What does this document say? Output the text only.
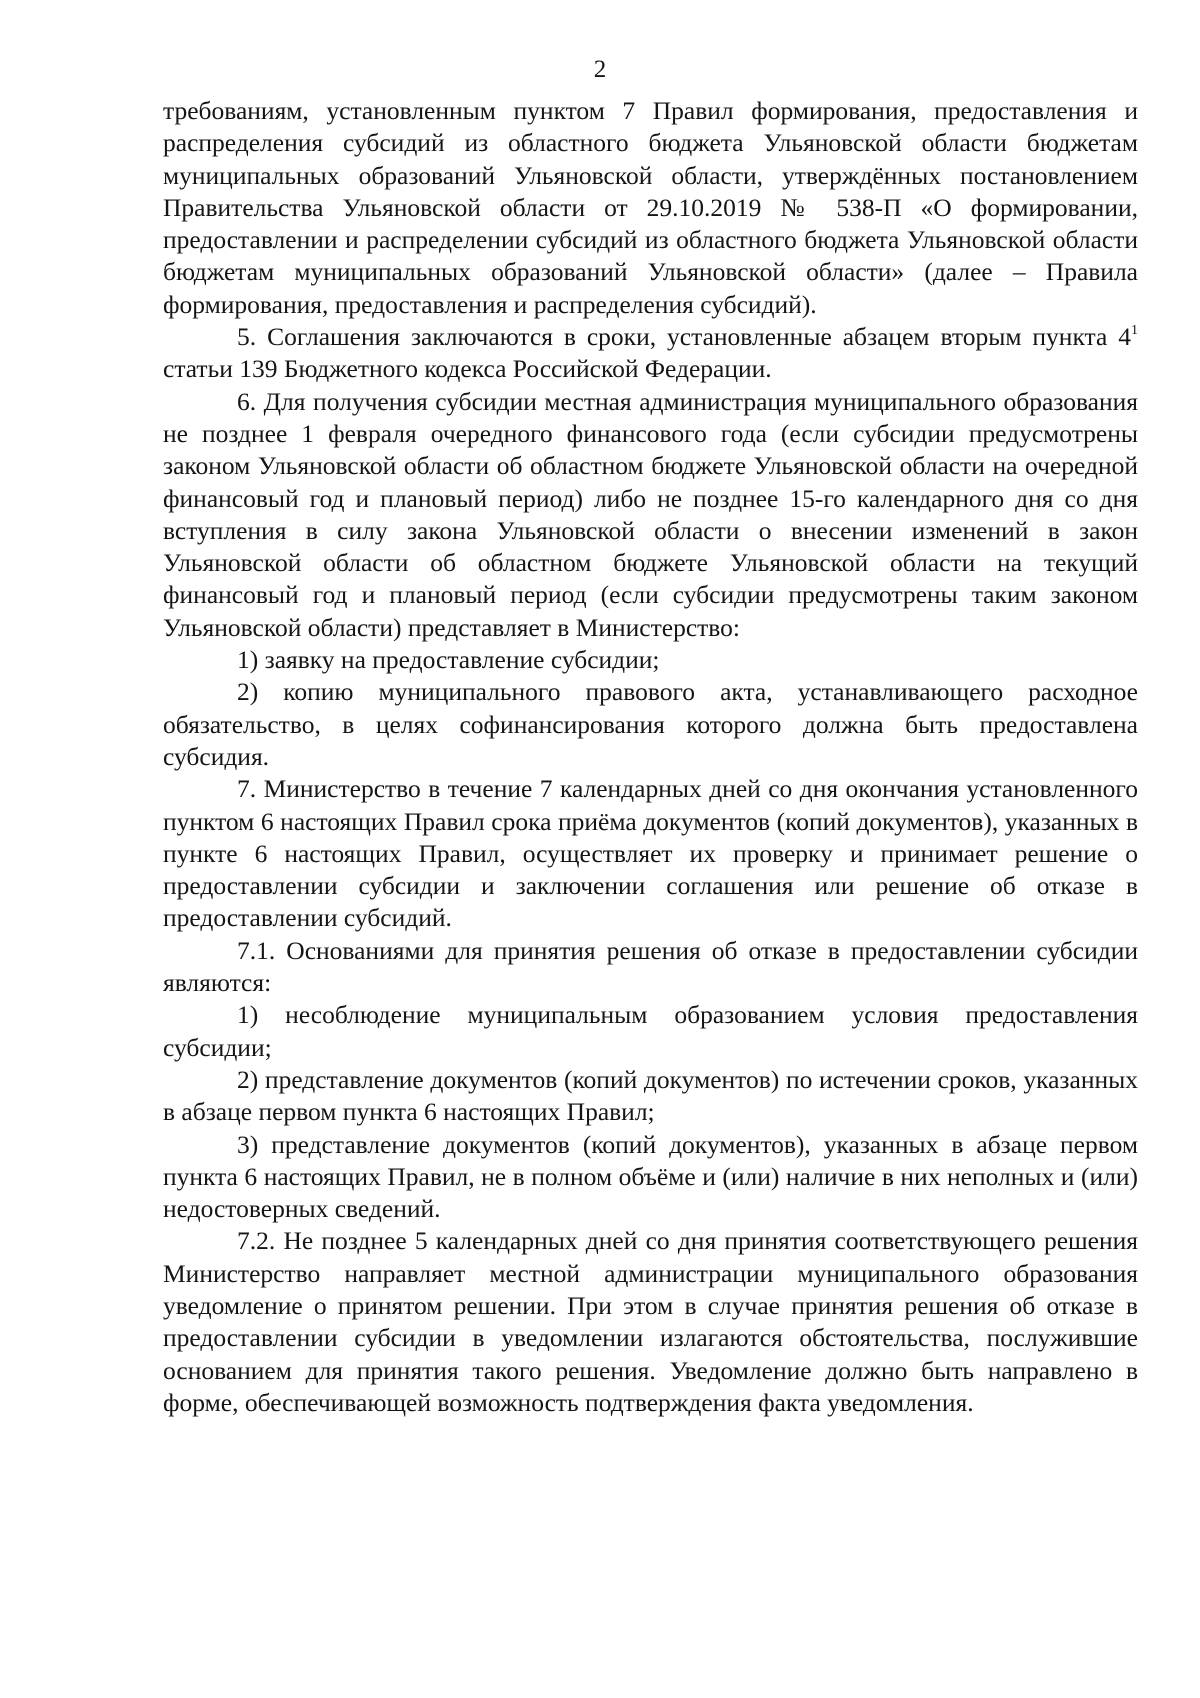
2

требованиям, установленным пунктом 7 Правил формирования, предоставления и распределения субсидий из областного бюджета Ульяновской области бюджетам муниципальных образований Ульяновской области, утверждённых постановлением Правительства Ульяновской области от 29.10.2019 № 538-П «О формировании, предоставлении и распределении субсидий из областного бюджета Ульяновской области бюджетам муниципальных образований Ульяновской области» (далее – Правила формирования, предоставления и распределения субсидий).

5. Соглашения заключаются в сроки, установленные абзацем вторым пункта $4^1$ статьи 139 Бюджетного кодекса Российской Федерации.

6. Для получения субсидии местная администрация муниципального образования не позднее 1 февраля очередного финансового года (если субсидии предусмотрены законом Ульяновской области об областном бюджете Ульяновской области на очередной финансовый год и плановый период) либо не позднее 15-го календарного дня со дня вступления в силу закона Ульяновской области о внесении изменений в закон Ульяновской области об областном бюджете Ульяновской области на текущий финансовый год и плановый период (если субсидии предусмотрены таким законом Ульяновской области) представляет в Министерство:

1) заявку на предоставление субсидии;

2) копию муниципального правового акта, устанавливающего расходное обязательство, в целях софинансирования которого должна быть предоставлена субсидия.

7. Министерство в течение 7 календарных дней со дня окончания установленного пунктом 6 настоящих Правил срока приёма документов (копий документов), указанных в пункте 6 настоящих Правил, осуществляет их проверку и принимает решение о предоставлении субсидии и заключении соглашения или решение об отказе в предоставлении субсидий.

7.1. Основаниями для принятия решения об отказе в предоставлении субсидии являются:

1) несоблюдение муниципальным образованием условия предоставления субсидии;

2) представление документов (копий документов) по истечении сроков, указанных в абзаце первом пункта 6 настоящих Правил;

3) представление документов (копий документов), указанных в абзаце первом пункта 6 настоящих Правил, не в полном объёме и (или) наличие в них неполных и (или) недостоверных сведений.

7.2. Не позднее 5 календарных дней со дня принятия соответствующего решения Министерство направляет местной администрации муниципального образования уведомление о принятом решении. При этом в случае принятия решения об отказе в предоставлении субсидии в уведомлении излагаются обстоятельства, послужившие основанием для принятия такого решения. Уведомление должно быть направлено в форме, обеспечивающей возможность подтверждения факта уведомления.
